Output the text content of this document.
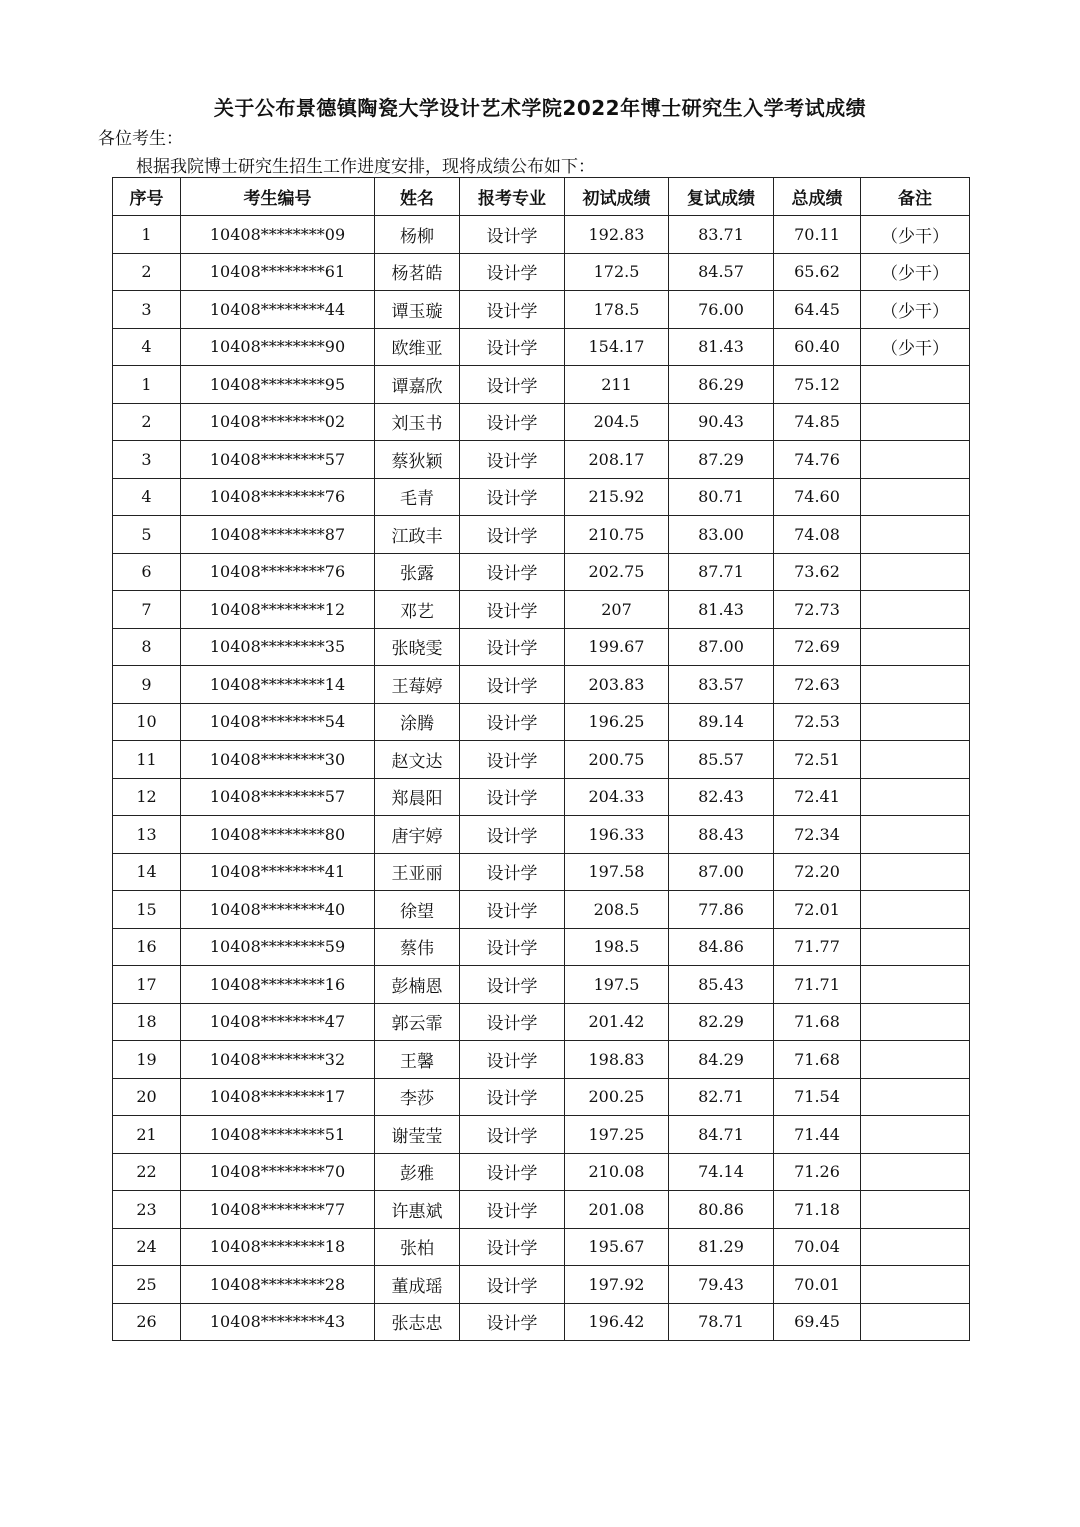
关于公布景德镇陶瓷大学设计艺术学院2022年博士研究生入学考试成绩
各位考生：
根据我院博士研究生招生工作进度安排，现将成绩公布如下：
序号	考生编号	姓名	报考专业	初试成绩	复试成绩	总成绩	备注
1	10408********09	杨柳	设计学	192.83	83.71	70.11	（少干）
2	10408********61	杨茗皓	设计学	172.5	84.57	65.62	（少干）
3	10408********44	谭玉璇	设计学	178.5	76.00	64.45	（少干）
4	10408********90	欧维亚	设计学	154.17	81.43	60.40	（少干）
1	10408********95	谭嘉欣	设计学	211	86.29	75.12	
2	10408********02	刘玉书	设计学	204.5	90.43	74.85	
3	10408********57	蔡狄颖	设计学	208.17	87.29	74.76	
4	10408********76	毛青	设计学	215.92	80.71	74.60	
5	10408********87	江政丰	设计学	210.75	83.00	74.08	
6	10408********76	张露	设计学	202.75	87.71	73.62	
7	10408********12	邓艺	设计学	207	81.43	72.73	
8	10408********35	张晓雯	设计学	199.67	87.00	72.69	
9	10408********14	王莓婷	设计学	203.83	83.57	72.63	
10	10408********54	涂腾	设计学	196.25	89.14	72.53	
11	10408********30	赵文达	设计学	200.75	85.57	72.51	
12	10408********57	郑晨阳	设计学	204.33	82.43	72.41	
13	10408********80	唐宇婷	设计学	196.33	88.43	72.34	
14	10408********41	王亚丽	设计学	197.58	87.00	72.20	
15	10408********40	徐望	设计学	208.5	77.86	72.01	
16	10408********59	蔡伟	设计学	198.5	84.86	71.77	
17	10408********16	彭楠恩	设计学	197.5	85.43	71.71	
18	10408********47	郭云霏	设计学	201.42	82.29	71.68	
19	10408********32	王馨	设计学	198.83	84.29	71.68	
20	10408********17	李莎	设计学	200.25	82.71	71.54	
21	10408********51	谢莹莹	设计学	197.25	84.71	71.44	
22	10408********70	彭雅	设计学	210.08	74.14	71.26	
23	10408********77	许惠斌	设计学	201.08	80.86	71.18	
24	10408********18	张柏	设计学	195.67	81.29	70.04	
25	10408********28	董成瑶	设计学	197.92	79.43	70.01	
26	10408********43	张志忠	设计学	196.42	78.71	69.45	
